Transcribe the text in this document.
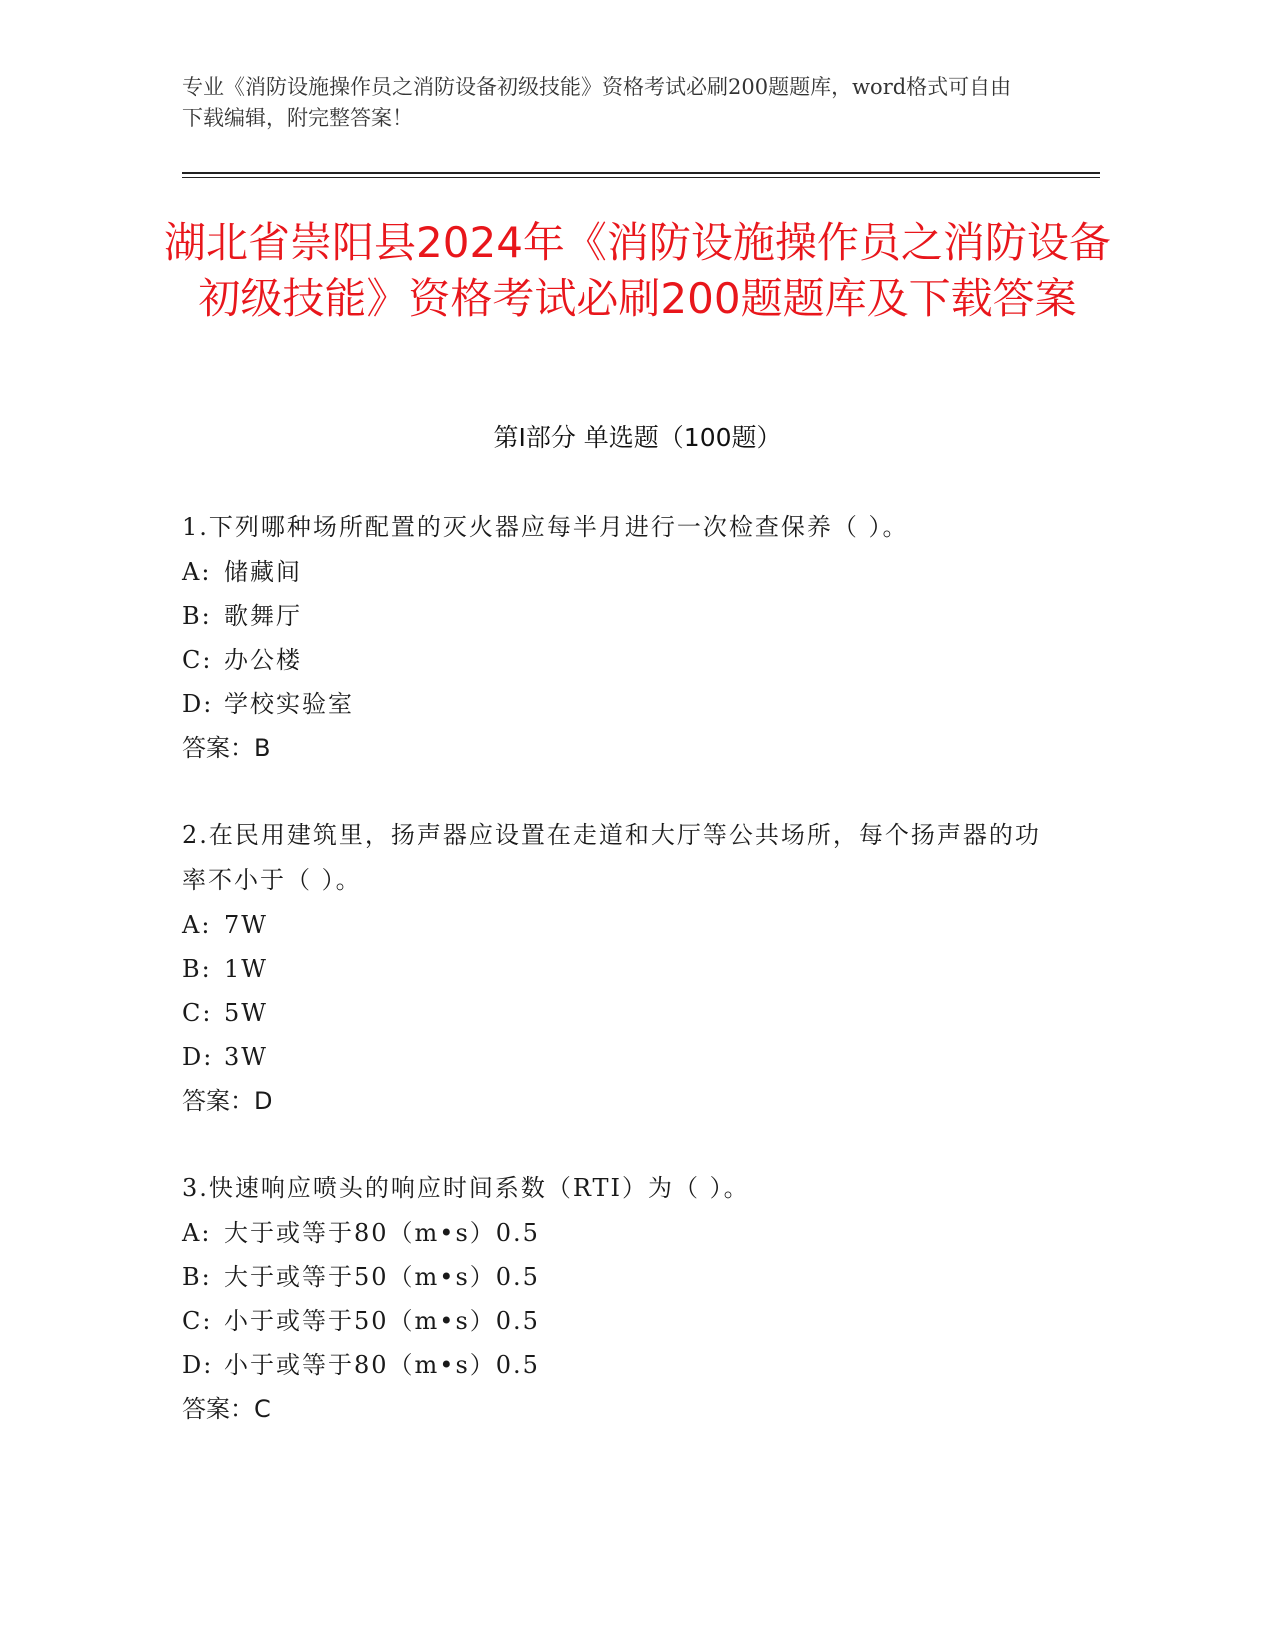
专业《消防设施操作员之消防设备初级技能》资格考试必刷200题题库，word格式可自由下载编辑，附完整答案！
湖北省崇阳县2024年《消防设施操作员之消防设备初级技能》资格考试必刷200题题库及下载答案
第Ⅰ部分 单选题（100题）
1.下列哪种场所配置的灭火器应每半月进行一次检查保养（ ）。
A: 储藏间
B: 歌舞厅
C: 办公楼
D: 学校实验室
答案：B
2.在民用建筑里，扬声器应设置在走道和大厅等公共场所，每个扬声器的功率不小于（ ）。
A: 7W
B: 1W
C: 5W
D: 3W
答案：D
3.快速响应喷头的响应时间系数（RTI）为（ ）。
A: 大于或等于80（m•s）0.5
B: 大于或等于50（m•s）0.5
C: 小于或等于50（m•s）0.5
D: 小于或等于80（m•s）0.5
答案：C
